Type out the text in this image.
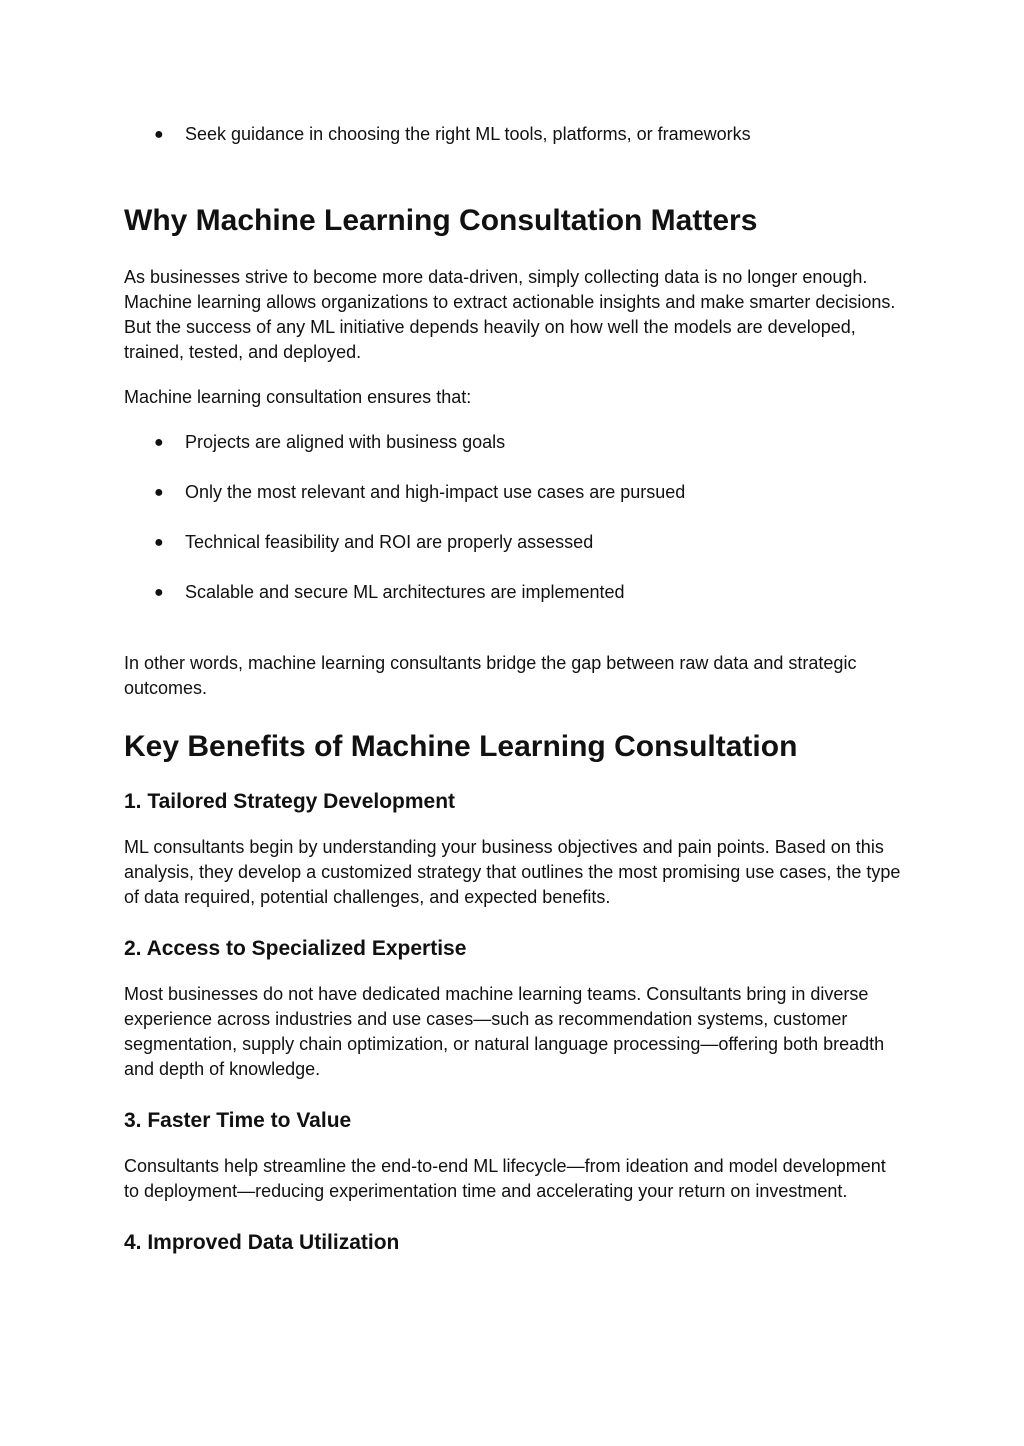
● Seek guidance in choosing the right ML tools, platforms, or frameworks
Why Machine Learning Consultation Matters

As businesses strive to become more data-driven, simply collecting data is no longer enough. Machine learning allows organizations to extract actionable insights and make smarter decisions. But the success of any ML initiative depends heavily on how well the models are developed, trained, tested, and deployed.

Machine learning consultation ensures that:

● Projects are aligned with business goals
● Only the most relevant and high-impact use cases are pursued
● Technical feasibility and ROI are properly assessed
● Scalable and secure ML architectures are implemented

In other words, machine learning consultants bridge the gap between raw data and strategic outcomes.

Key Benefits of Machine Learning Consultation
1. Tailored Strategy Development

ML consultants begin by understanding your business objectives and pain points. Based on this analysis, they develop a customized strategy that outlines the most promising use cases, the type of data required, potential challenges, and expected benefits.

2. Access to Specialized Expertise

Most businesses do not have dedicated machine learning teams. Consultants bring in diverse experience across industries and use cases—such as recommendation systems, customer segmentation, supply chain optimization, or natural language processing—offering both breadth and depth of knowledge.

3. Faster Time to Value

Consultants help streamline the end-to-end ML lifecycle—from ideation and model development to deployment—reducing experimentation time and accelerating your return on investment.

4. Improved Data Utilization
